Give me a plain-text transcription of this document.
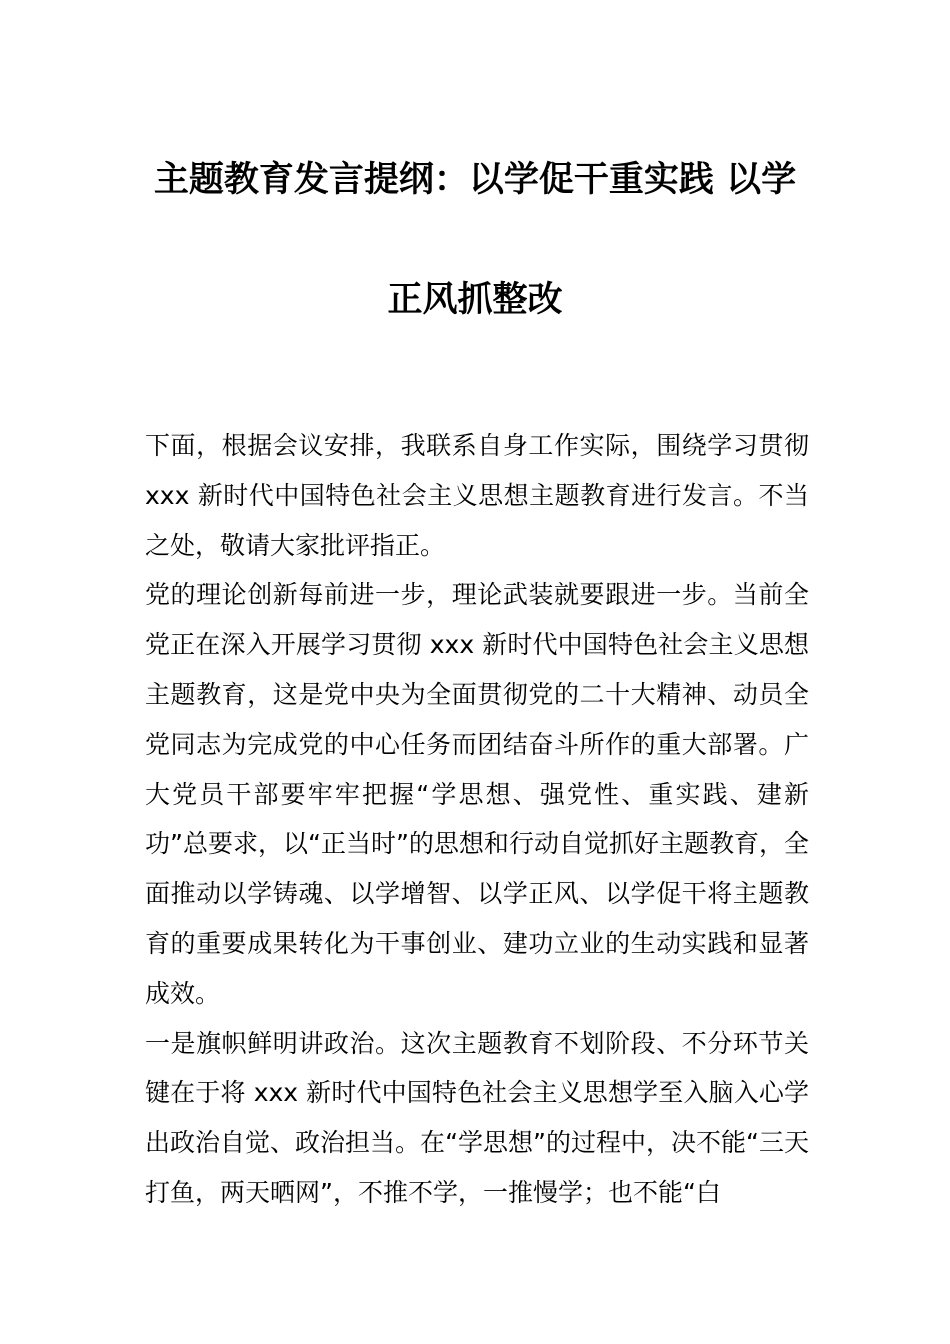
主题教育发言提纲：以学促干重实践 以学
正风抓整改

下面，根据会议安排，我联系自身工作实际，围绕学习贯彻 xxx 新时代中国特色社会主义思想主题教育进行发言。不当之处，敬请大家批评指正。

党的理论创新每前进一步，理论武装就要跟进一步。当前全党正在深入开展学习贯彻 xxx 新时代中国特色社会主义思想主题教育，这是党中央为全面贯彻党的二十大精神、动员全党同志为完成党的中心任务而团结奋斗所作的重大部署。广大党员干部要牢牢把握“学思想、强党性、重实践、建新功”总要求，以“正当时”的思想和行动自觉抓好主题教育，全面推动以学铸魂、以学增智、以学正风、以学促干将主题教育的重要成果转化为干事创业、建功立业的生动实践和显著成效。

一是旗帜鲜明讲政治。这次主题教育不划阶段、不分环节关键在于将 xxx 新时代中国特色社会主义思想学至入脑入心学出政治自觉、政治担当。在“学思想”的过程中，决不能“三天打鱼，两天晒网”，不推不学，一推慢学；也不能“白
